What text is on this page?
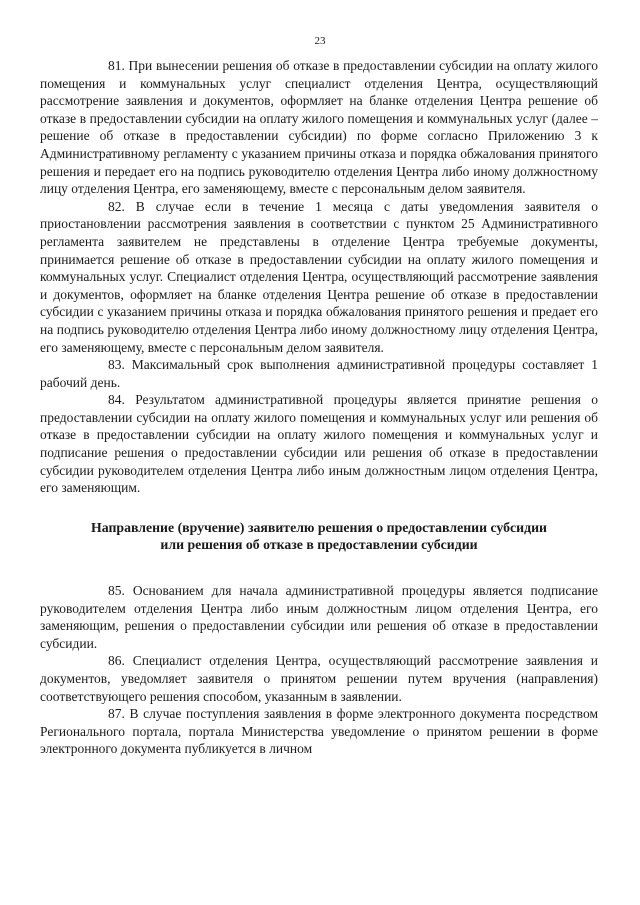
23

81. При вынесении решения об отказе в предоставлении субсидии на оплату жилого помещения и коммунальных услуг специалист отделения Центра, осуществляющий рассмотрение заявления и документов, оформляет на бланке отделения Центра решение об отказе в предоставлении субсидии на оплату жилого помещения и коммунальных услуг (далее – решение об отказе в предоставлении субсидии) по форме согласно Приложению 3 к Административному регламенту с указанием причины отказа и порядка обжалования принятого решения и передает его на подпись руководителю отделения Центра либо иному должностному лицу отделения Центра, его заменяющему, вместе с персональным делом заявителя.

82. В случае если в течение 1 месяца с даты уведомления заявителя о приостановлении рассмотрения заявления в соответствии с пунктом 25 Административного регламента заявителем не представлены в отделение Центра требуемые документы, принимается решение об отказе в предоставлении субсидии на оплату жилого помещения и коммунальных услуг. Специалист отделения Центра, осуществляющий рассмотрение заявления и документов, оформляет на бланке отделения Центра решение об отказе в предоставлении субсидии с указанием причины отказа и порядка обжалования принятого решения и предает его на подпись руководителю отделения Центра либо иному должностному лицу отделения Центра, его заменяющему, вместе с персональным делом заявителя.

83. Максимальный срок выполнения административной процедуры составляет 1 рабочий день.

84. Результатом административной процедуры является принятие решения о предоставлении субсидии на оплату жилого помещения и коммунальных услуг или решения об отказе в предоставлении субсидии на оплату жилого помещения и коммунальных услуг и подписание решения о предоставлении субсидии или решения об отказе в предоставлении субсидии руководителем отделения Центра либо иным должностным лицом отделения Центра, его заменяющим.

Направление (вручение) заявителю решения о предоставлении субсидии
или решения об отказе в предоставлении субсидии

85. Основанием для начала административной процедуры является подписание руководителем отделения Центра либо иным должностным лицом отделения Центра, его заменяющим, решения о предоставлении субсидии или решения об отказе в предоставлении субсидии.

86. Специалист отделения Центра, осуществляющий рассмотрение заявления и документов, уведомляет заявителя о принятом решении путем вручения (направления) соответствующего решения способом, указанным в заявлении.

87. В случае поступления заявления в форме электронного документа посредством Регионального портала, портала Министерства уведомление о принятом решении в форме электронного документа публикуется в личном
